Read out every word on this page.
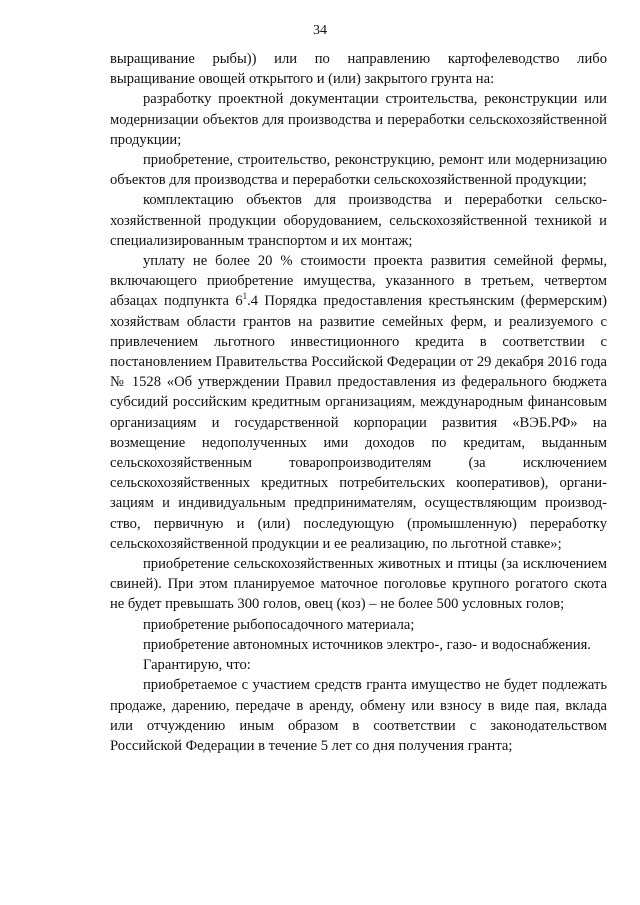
34

выращивание рыбы)) или по направлению картофелеводство либо выращивание овощей открытого и (или) закрытого грунта на:

разработку проектной документации строительства, реконструкции или модернизации объектов для производства и переработки сельскохозяйственной продукции;

приобретение, строительство, реконструкцию, ремонт или модернизацию объектов для производства и переработки сельскохозяйственной продукции;

комплектацию объектов для производства и переработки сельскохозяйственной продукции оборудованием, сельскохозяйственной техникой и специализированным транспортом и их монтаж;

уплату не более 20 % стоимости проекта развития семейной фермы, включающего приобретение имущества, указанного в третьем, четвертом абзацах подпункта $6^1.4$ Порядка предоставления крестьянским (фермерским) хозяйствам области грантов на развитие семейных ферм, и реализуемого с привлечением льготного инвестиционного кредита в соответствии с постановлением Правительства Российской Федерации от 29 декабря 2016 года № 1528 «Об утверждении Правил предоставления из федерального бюджета субсидий российским кредитным организациям, международным финансовым организациям и государственной корпорации развития «ВЭБ.РФ» на возмещение недополученных ими доходов по кредитам, выданным сельскохозяйственным товаропроизводителям (за исключением сельскохозяйственных кредитных потребительских кооперативов), организациям и индивидуальным предпринимателям, осуществляющим производство, первичную и (или) последующую (промышленную) переработку сельскохозяйственной продукции и ее реализацию, по льготной ставке»;

приобретение сельскохозяйственных животных и птицы (за исключением свиней). При этом планируемое маточное поголовье крупного рогатого скота не будет превышать 300 голов, овец (коз) – не более 500 условных голов;

приобретение рыбопосадочного материала;

приобретение автономных источников электро-, газо- и водоснабжения.

Гарантирую, что:

приобретаемое с участием средств гранта имущество не будет подлежать продаже, дарению, передаче в аренду, обмену или взносу в виде пая, вклада или отчуждению иным образом в соответствии с законодательством Российской Федерации в течение 5 лет со дня получения гранта;
